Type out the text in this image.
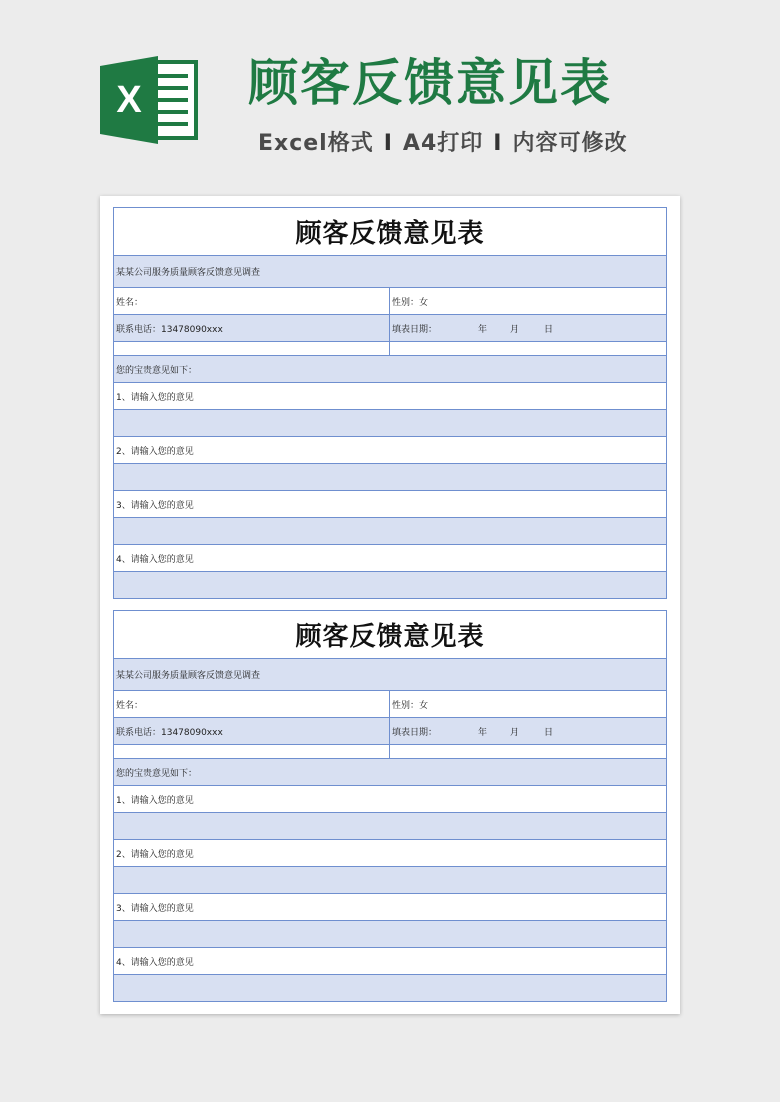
X 顾客反馈意见表
Excel格式 I A4打印 I 内容可修改
顾客反馈意见表
某某公司服务质量顾客反馈意见调查
姓名：	性别：女
联系电话：13478090xxx	填表日期：	年	月	日
您的宝贵意见如下：
1、请输入您的意见
2、请输入您的意见
3、请输入您的意见
4、请输入您的意见
顾客反馈意见表
某某公司服务质量顾客反馈意见调查
姓名：	性别：女
联系电话：13478090xxx	填表日期：	年	月	日
您的宝贵意见如下：
1、请输入您的意见
2、请输入您的意见
3、请输入您的意见
4、请输入您的意见
